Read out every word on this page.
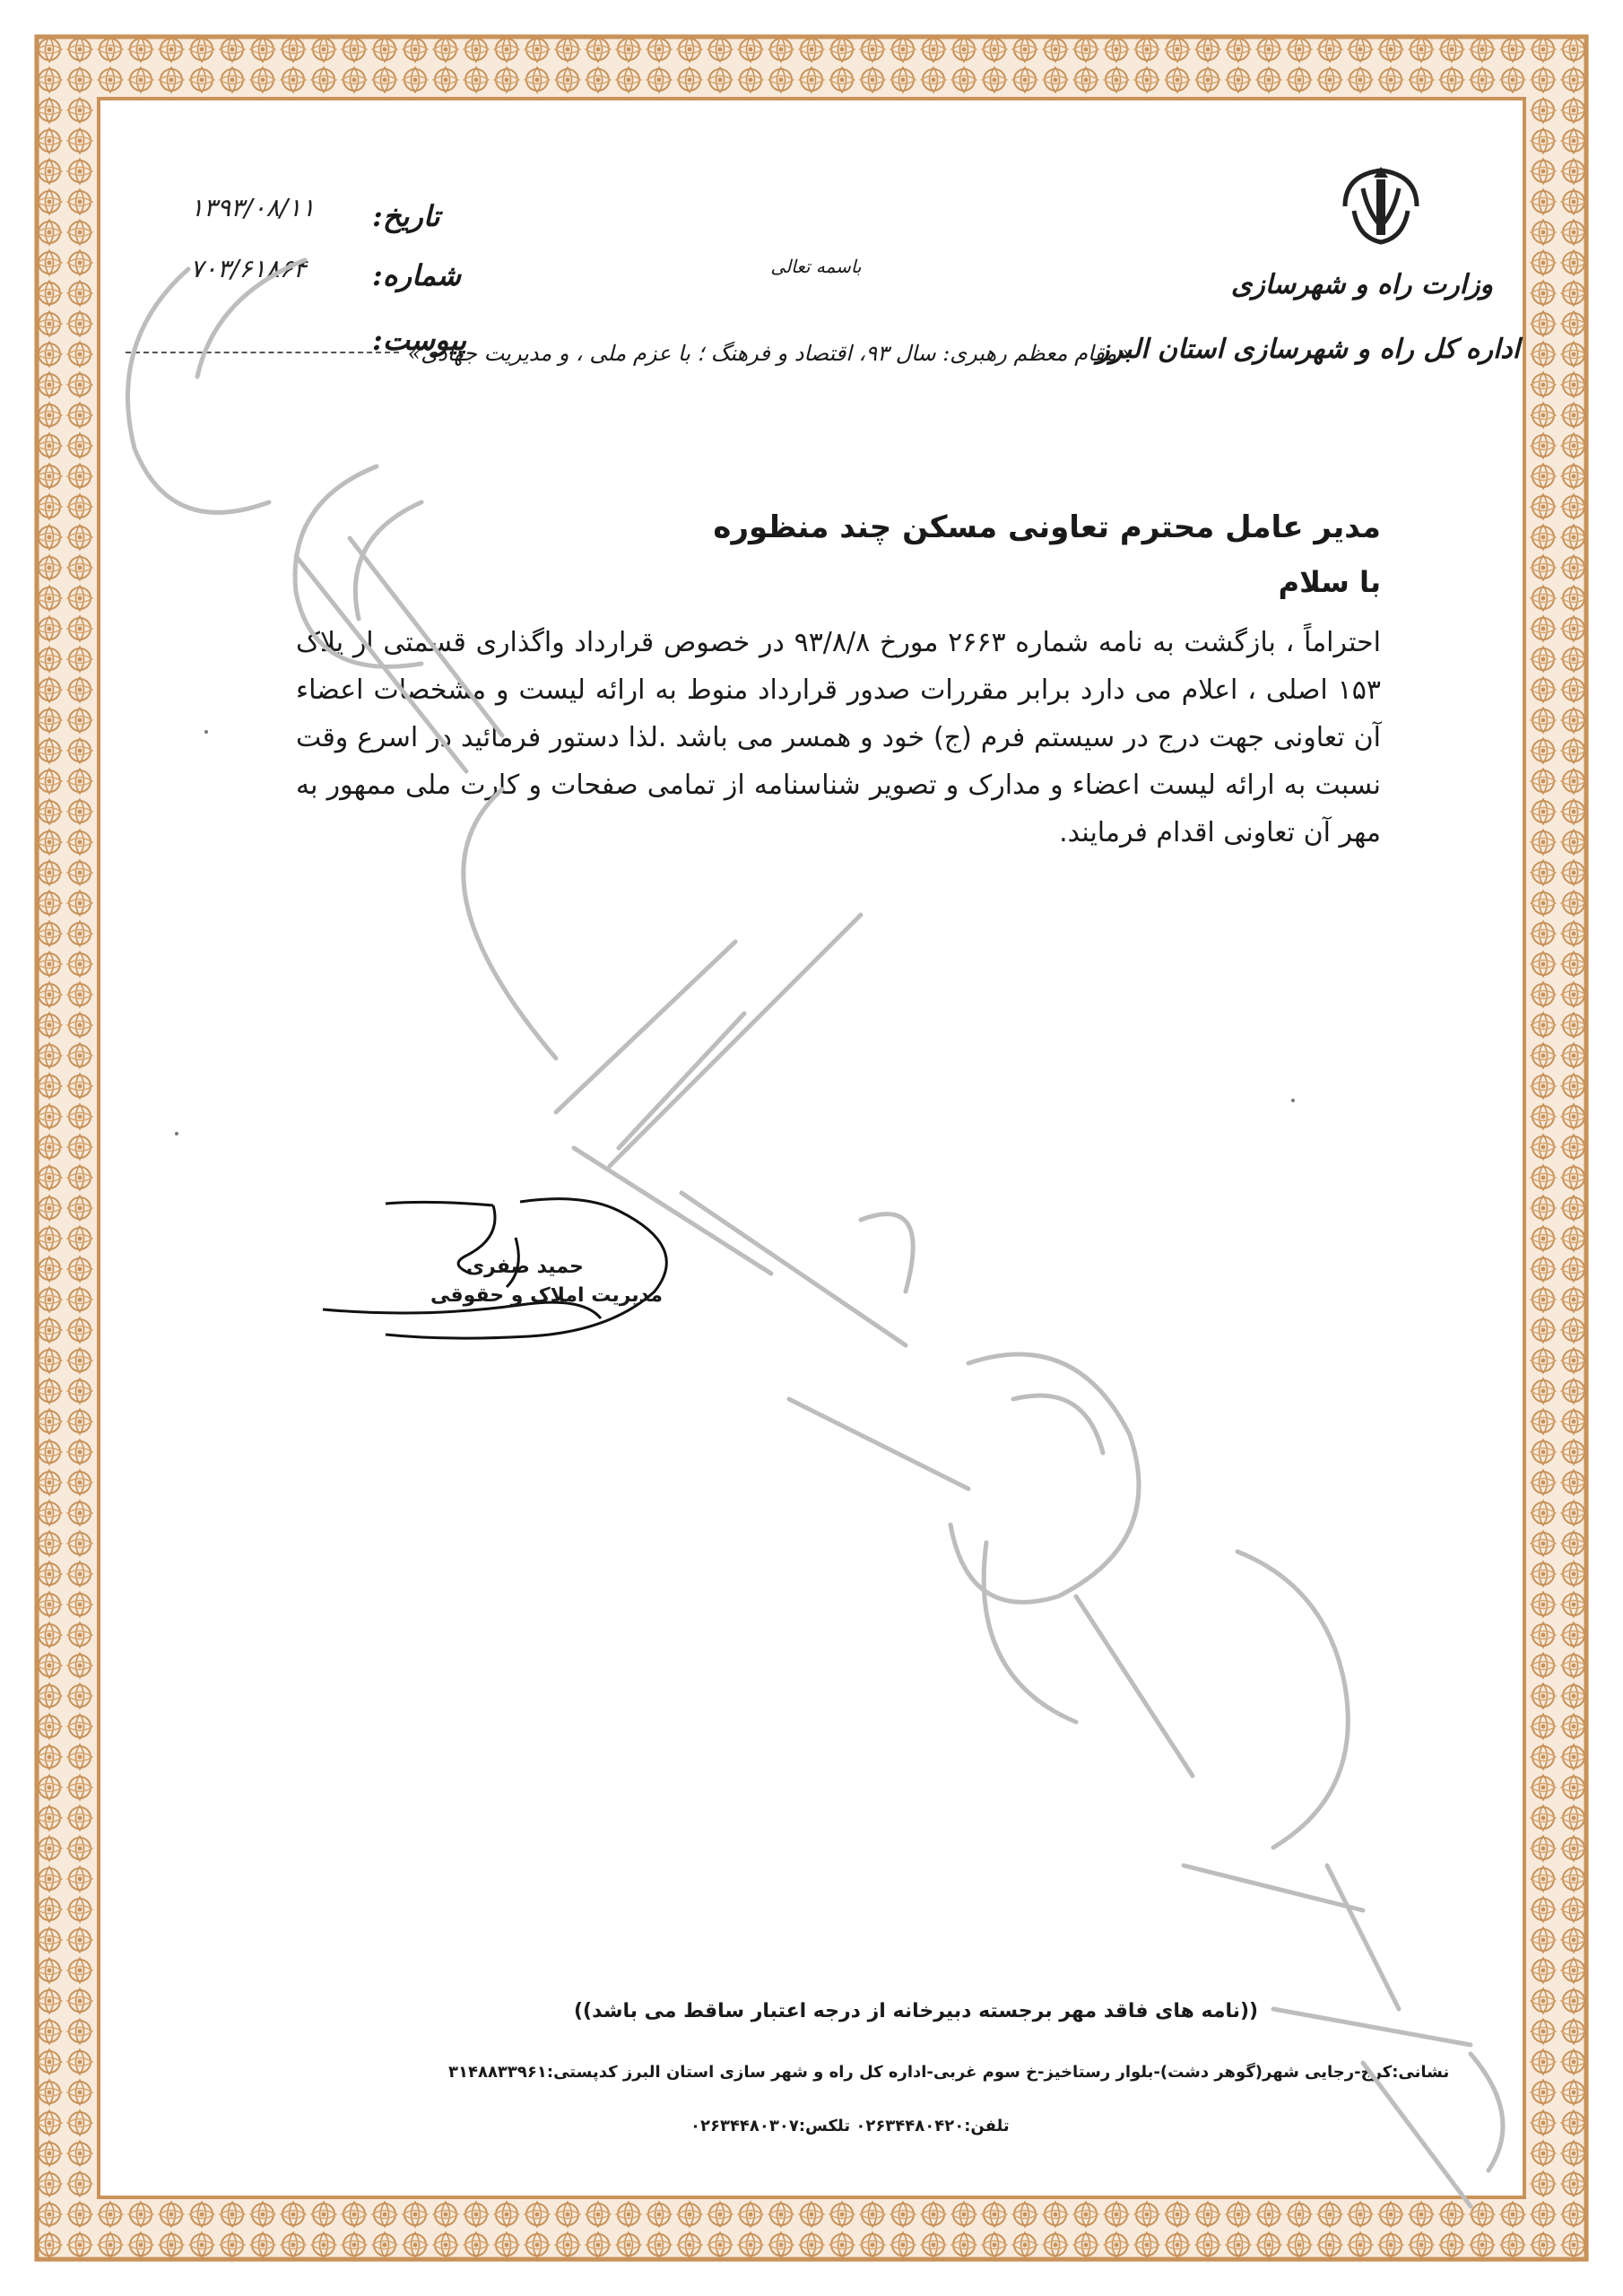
وزارت راه و شهرسازی
اداره کل راه و شهرسازی استان البرز
باسمه تعالی
«مقام معظم رهبری: سال ۹۳، اقتصاد و فرهنگ ؛ با عزم ملی ، و مدیریت جهادی»
تاریخ:
شماره:
پیوست:
۱۳۹۳/۰۸/۱۱
۷۰۳/۶۱۸۶۴
مدیر عامل محترم تعاونی مسکن چند منظوره
با سلام
احتراماً ، بازگشت به نامه شماره ۲۶۶۳ مورخ ۹۳/۸/۸ در خصوص قرارداد واگذاری قسمتی از پلاک ۱۵۳ اصلی ، اعلام می دارد برابر مقررات صدور قرارداد منوط به ارائه لیست و مشخصات اعضاء آن تعاونی جهت درج در سیستم فرم (ج) خود و همسر می باشد .لذا دستور فرمائید در اسرع وقت نسبت به ارائه لیست اعضاء و مدارک و تصویر شناسنامه از تمامی صفحات و کارت ملی ممهور به مهر آن تعاونی اقدام فرمایند.
حمید صفری
مدیریت املاک و حقوقی
((نامه های فاقد مهر برجسته دبیرخانه از درجه اعتبار ساقط می باشد))
نشانی:کرج-رجایی شهر(گوهر دشت)-بلوار رستاخیز-خ سوم غربی-اداره کل راه و شهر سازی استان البرز کدپستی:۳۱۴۸۸۳۳۹۶۱
تلفن:۰۲۶۳۴۴۸۰۴۲۰ تلکس:۰۲۶۳۴۴۸۰۳۰۷
